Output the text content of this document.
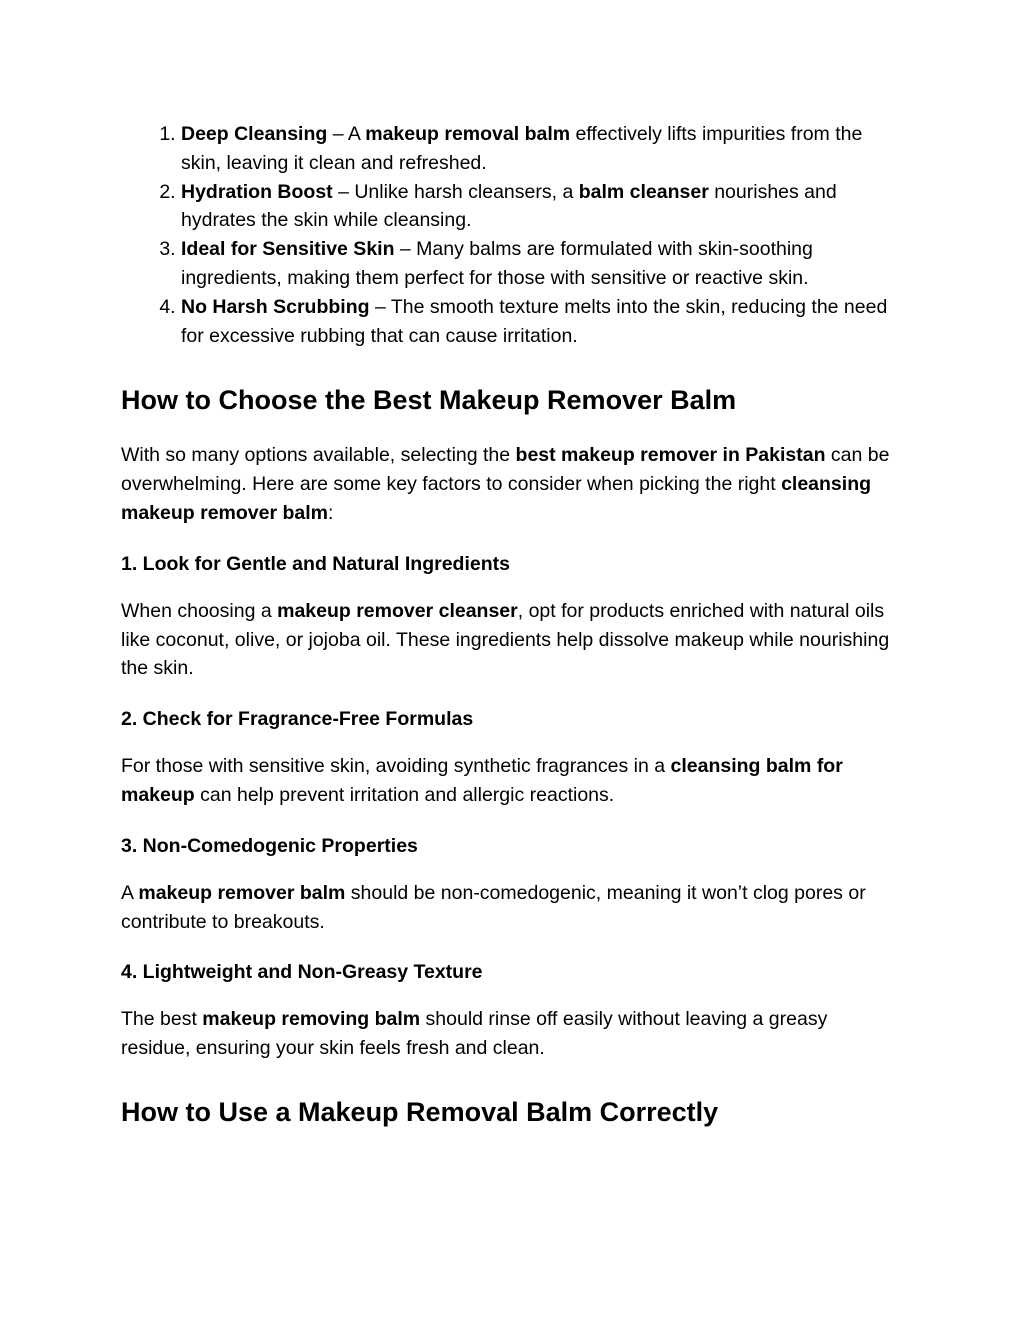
1. Deep Cleansing – A makeup removal balm effectively lifts impurities from the skin, leaving it clean and refreshed.
2. Hydration Boost – Unlike harsh cleansers, a balm cleanser nourishes and hydrates the skin while cleansing.
3. Ideal for Sensitive Skin – Many balms are formulated with skin-soothing ingredients, making them perfect for those with sensitive or reactive skin.
4. No Harsh Scrubbing – The smooth texture melts into the skin, reducing the need for excessive rubbing that can cause irritation.
How to Choose the Best Makeup Remover Balm

With so many options available, selecting the best makeup remover in Pakistan can be overwhelming. Here are some key factors to consider when picking the right cleansing makeup remover balm:

1. Look for Gentle and Natural Ingredients

When choosing a makeup remover cleanser, opt for products enriched with natural oils like coconut, olive, or jojoba oil. These ingredients help dissolve makeup while nourishing the skin.

2. Check for Fragrance-Free Formulas

For those with sensitive skin, avoiding synthetic fragrances in a cleansing balm for makeup can help prevent irritation and allergic reactions.

3. Non-Comedogenic Properties

A makeup remover balm should be non-comedogenic, meaning it won’t clog pores or contribute to breakouts.

4. Lightweight and Non-Greasy Texture

The best makeup removing balm should rinse off easily without leaving a greasy residue, ensuring your skin feels fresh and clean.

How to Use a Makeup Removal Balm Correctly
